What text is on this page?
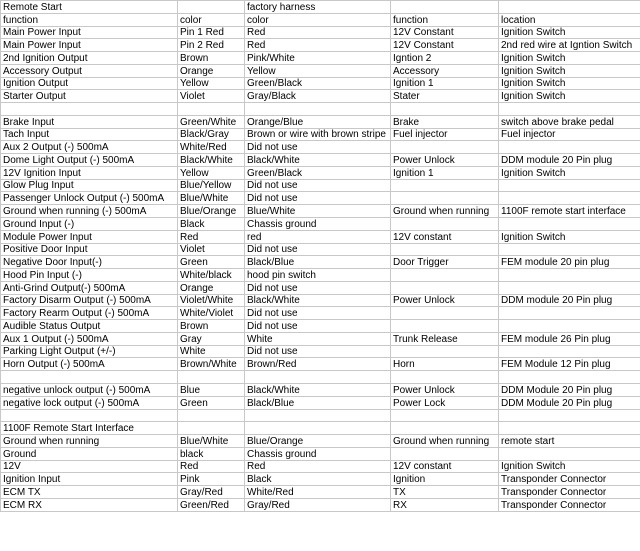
Remote Start		factory harness		
function	color	color	function	location
Main Power Input	Pin 1 Red	Red	12V Constant	Ignition Switch
Main Power Input	Pin 2 Red	Red	12V Constant	2nd red wire at Igntion Switch
2nd Ignition Output	Brown	Pink/White	Igntion 2	Ignition Switch
Accessory Output	Orange	Yellow	Accessory	Ignition Switch
Ignition Output	Yellow	Green/Black	Ignition 1	Ignition Switch
Starter Output	Violet	Gray/Black	Stater	Ignition Switch

Brake Input	Green/White	Orange/Blue	Brake	switch above brake pedal
Tach Input	Black/Gray	Brown or wire with brown stripe	Fuel injector	Fuel injector
Aux 2 Output (-) 500mA	White/Red	Did not use		
Dome Light Output (-) 500mA	Black/White	Black/White	Power Unlock	DDM module 20 Pin plug
12V Ignition Input	Yellow	Green/Black	Ignition 1	Ignition Switch
Glow Plug Input	Blue/Yellow	Did not use		
Passenger Unlock Output (-) 500mA	Blue/White	Did not use		
Ground when running (-) 500mA	Blue/Orange	Blue/White	Ground when running	1100F remote start interface
Ground Input (-)	Black	Chassis ground		
Module Power Input	Red	red	12V constant	Ignition Switch
Positive Door Input	Violet	Did not use		
Negative Door Input(-)	Green	Black/Blue	Door Trigger	FEM module 20 pin plug
Hood Pin Input (-)	White/black	hood pin switch		
Anti-Grind Output(-) 500mA	Orange	Did not use		
Factory Disarm Output (-) 500mA	Violet/White	Black/White	Power Unlock	DDM module 20 Pin plug
Factory Rearm Output (-) 500mA	White/Violet	Did not use		
Audible Status Output	Brown	Did not use		
Aux 1 Output (-) 500mA	Gray	White	Trunk Release	FEM module 26 Pin plug
Parking Light Output (+/-)	White	Did not use		
Horn Output (-) 500mA	Brown/White	Brown/Red	Horn	FEM Module 12 Pin plug

negative unlock output (-) 500mA	Blue	Black/White	Power Unlock	DDM Module 20 Pin plug
negative lock output (-) 500mA	Green	Black/Blue	Power Lock	DDM Module 20 Pin plug

1100F Remote Start Interface				
Ground when running	Blue/White	Blue/Orange	Ground when running	remote start
Ground	black	Chassis ground		
12V	Red	Red	12V constant	Ignition Switch
Ignition Input	Pink	Black	Ignition	Transponder Connector
ECM TX	Gray/Red	White/Red	TX	Transponder Connector
ECM RX	Green/Red	Gray/Red	RX	Transponder Connector
